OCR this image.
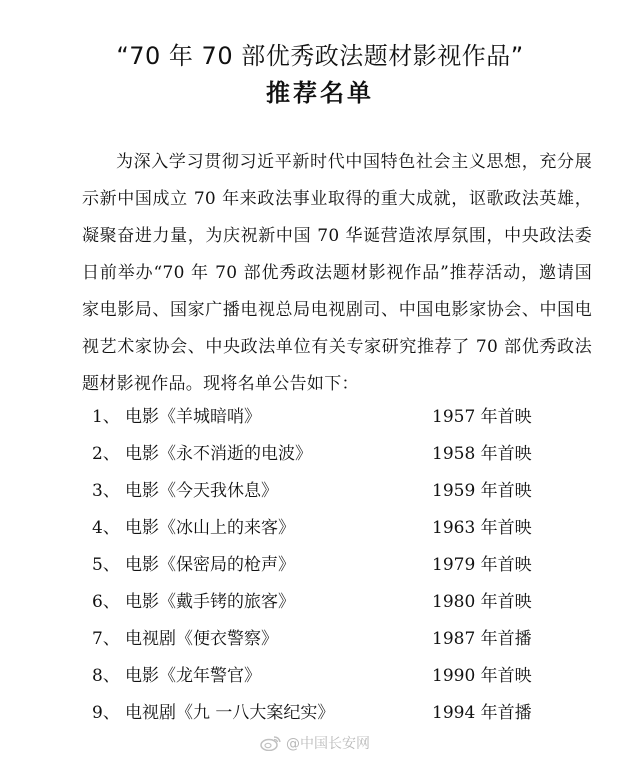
“70 年 70 部优秀政法题材影视作品”
推荐名单

为深入学习贯彻习近平新时代中国特色社会主义思想，充分展示新中国成立 70 年来政法事业取得的重大成就，讴歌政法英雄，凝聚奋进力量，为庆祝新中国 70 华诞营造浓厚氛围，中央政法委日前举办“70 年 70 部优秀政法题材影视作品”推荐活动，邀请国家电影局、国家广播电视总局电视剧司、中国电影家协会、中国电视艺术家协会、中央政法单位有关专家研究推荐了 70 部优秀政法题材影视作品。现将名单公告如下：

1、 电影《羊城暗哨》	1957 年首映
2、 电影《永不消逝的电波》	1958 年首映
3、 电影《今天我休息》	1959 年首映
4、 电影《冰山上的来客》	1963 年首映
5、 电影《保密局的枪声》	1979 年首映
6、 电影《戴手铐的旅客》	1980 年首映
7、 电视剧《便衣警察》	1987 年首播
8、 电影《龙年警官》	1990 年首映
9、 电视剧《九 一八大案纪实》	1994 年首播
@中国长安网
